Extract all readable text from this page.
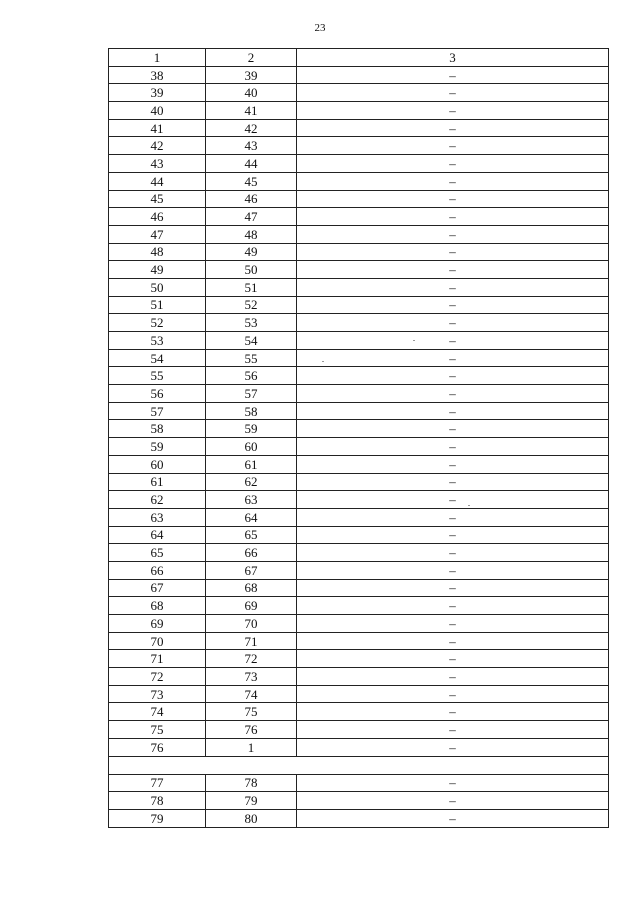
23
1	2	3
38	39	–
39	40	–
40	41	–
41	42	–
42	43	–
43	44	–
44	45	–
45	46	–
46	47	–
47	48	–
48	49	–
49	50	–
50	51	–
51	52	–
52	53	–
53	54	–
54	55	–
55	56	–
56	57	–
57	58	–
58	59	–
59	60	–
60	61	–
61	62	–
62	63	–
63	64	–
64	65	–
65	66	–
66	67	–
67	68	–
68	69	–
69	70	–
70	71	–
71	72	–
72	73	–
73	74	–
74	75	–
75	76	–
76	1	–

77	78	–
78	79	–
79	80	–
